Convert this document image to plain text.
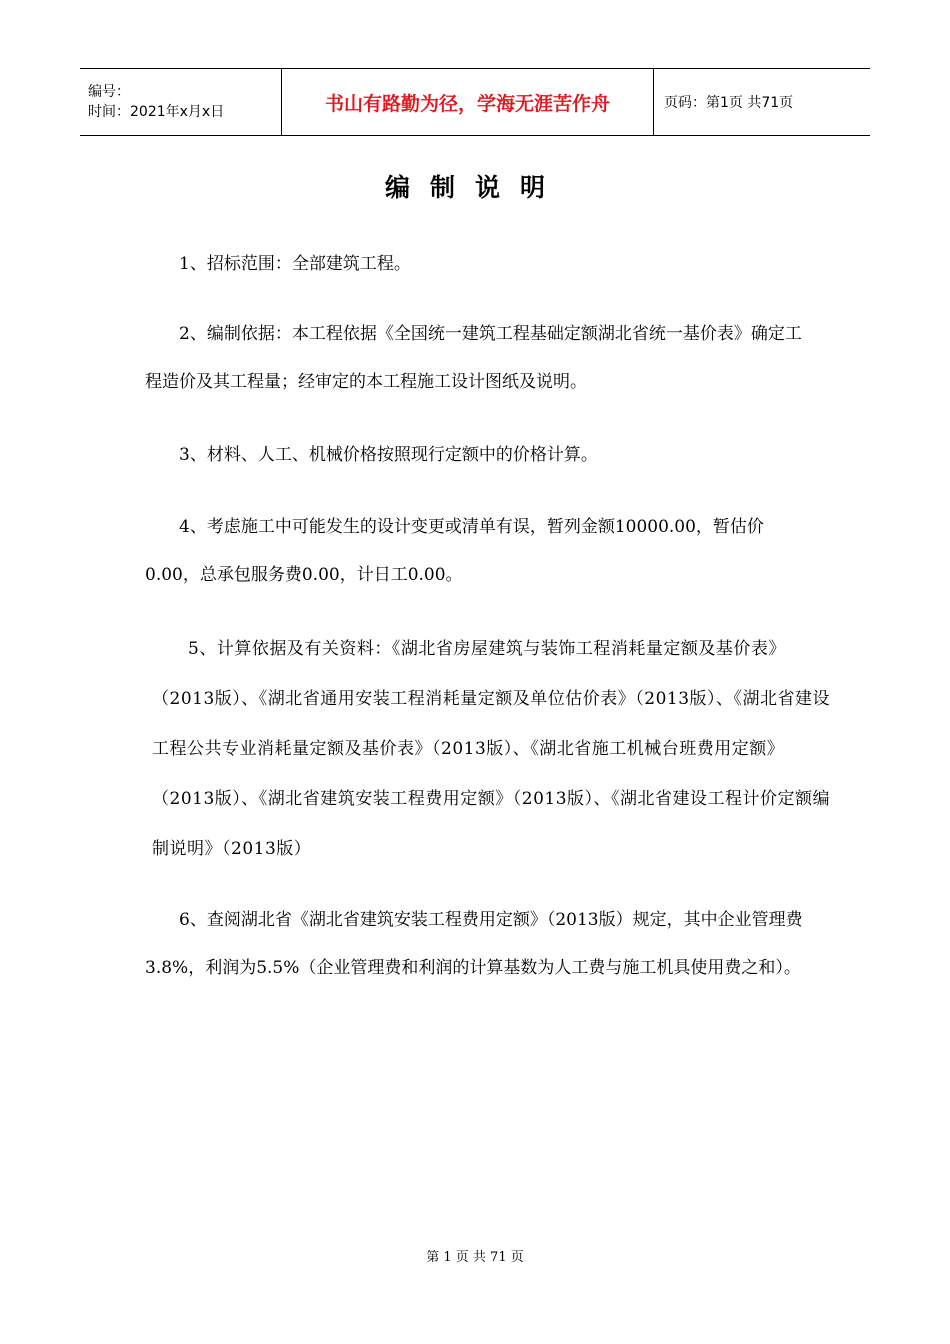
编号：
时间：2021年x月x日	书山有路勤为径，学海无涯苦作舟	页码：第1页 共71页
编制说明
1、招标范围：全部建筑工程。
2、编制依据：本工程依据《全国统一建筑工程基础定额湖北省统一基价表》确定工程造价及其工程量；经审定的本工程施工设计图纸及说明。
3、材料、人工、机械价格按照现行定额中的价格计算。
4、考虑施工中可能发生的设计变更或清单有误，暂列金额10000.00，暂估价0.00，总承包服务费0.00，计日工0.00。
5、计算依据及有关资料：《湖北省房屋建筑与装饰工程消耗量定额及基价表》（2013版）、《湖北省通用安装工程消耗量定额及单位估价表》（2013版）、《湖北省建设工程公共专业消耗量定额及基价表》（2013版）、《湖北省施工机械台班费用定额》（2013版）、《湖北省建筑安装工程费用定额》（2013版）、《湖北省建设工程计价定额编制说明》（2013版）
6、查阅湖北省《湖北省建筑安装工程费用定额》（2013版）规定，其中企业管理费3.8%，利润为5.5%（企业管理费和利润的计算基数为人工费与施工机具使用费之和）。
第 1 页 共 71 页
